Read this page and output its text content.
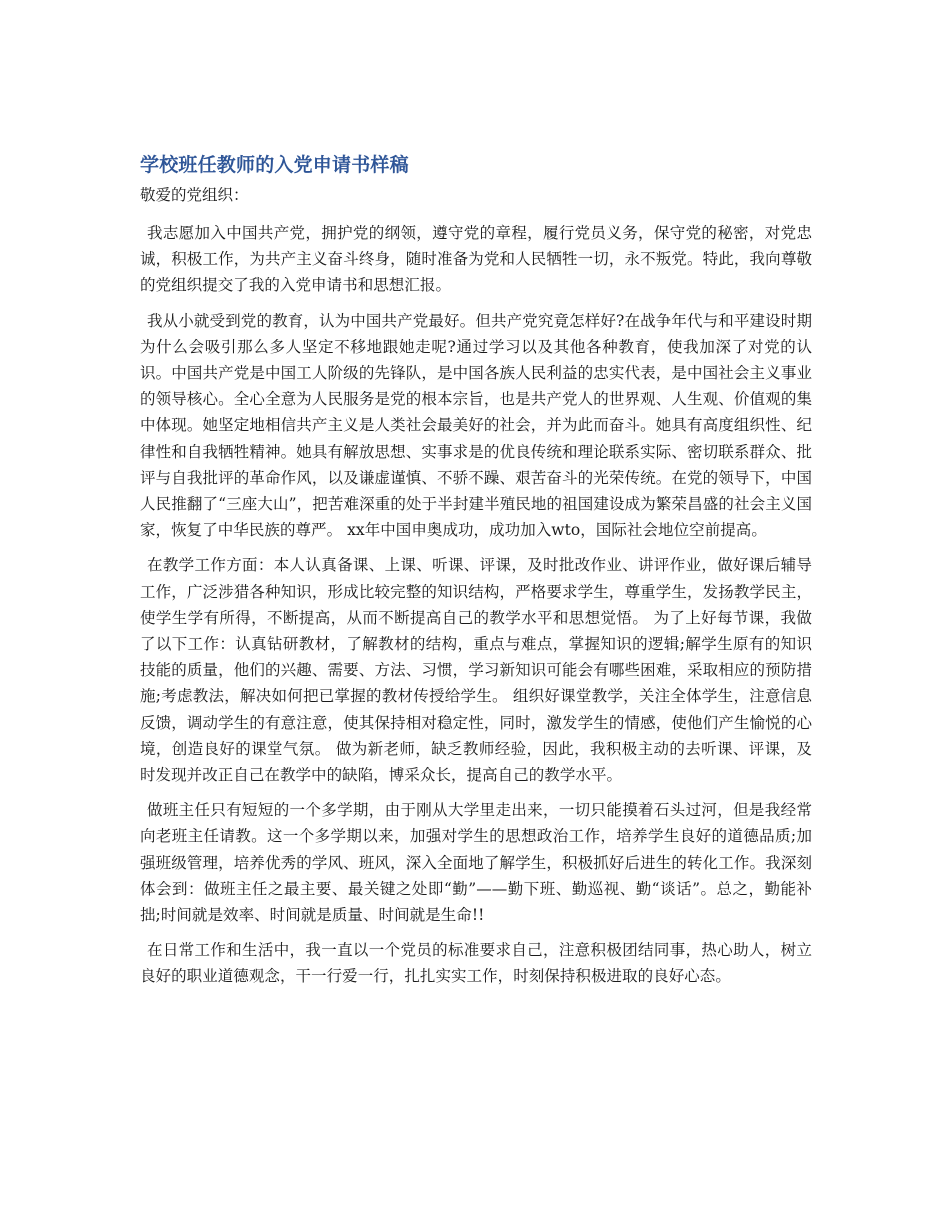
学校班任教师的入党申请书样稿

敬爱的党组织：

我志愿加入中国共产党，拥护党的纲领，遵守党的章程，履行党员义务，保守党的秘密，对党忠诚，积极工作，为共产主义奋斗终身，随时准备为党和人民牺牲一切，永不叛党。特此，我向尊敬的党组织提交了我的入党申请书和思想汇报。

我从小就受到党的教育，认为中国共产党最好。但共产党究竟怎样好?在战争年代与和平建设时期为什么会吸引那么多人坚定不移地跟她走呢?通过学习以及其他各种教育，使我加深了对党的认识。中国共产党是中国工人阶级的先锋队，是中国各族人民利益的忠实代表，是中国社会主义事业的领导核心。全心全意为人民服务是党的根本宗旨，也是共产党人的世界观、人生观、价值观的集中体现。她坚定地相信共产主义是人类社会最美好的社会，并为此而奋斗。她具有高度组织性、纪律性和自我牺牲精神。她具有解放思想、实事求是的优良传统和理论联系实际、密切联系群众、批评与自我批评的革命作风，以及谦虚谨慎、不骄不躁、艰苦奋斗的光荣传统。在党的领导下，中国人民推翻了“三座大山”，把苦难深重的处于半封建半殖民地的祖国建设成为繁荣昌盛的社会主义国家，恢复了中华民族的尊严。 xx年中国申奥成功，成功加入wto，国际社会地位空前提高。

在教学工作方面：本人认真备课、上课、听课、评课，及时批改作业、讲评作业，做好课后辅导工作，广泛涉猎各种知识，形成比较完整的知识结构，严格要求学生，尊重学生，发扬教学民主，使学生学有所得，不断提高，从而不断提高自己的教学水平和思想觉悟。 为了上好每节课，我做了以下工作：认真钻研教材，了解教材的结构，重点与难点，掌握知识的逻辑;解学生原有的知识技能的质量，他们的兴趣、需要、方法、习惯，学习新知识可能会有哪些困难，采取相应的预防措施;考虑教法，解决如何把已掌握的教材传授给学生。 组织好课堂教学，关注全体学生，注意信息反馈，调动学生的有意注意，使其保持相对稳定性，同时，激发学生的情感，使他们产生愉悦的心境，创造良好的课堂气氛。 做为新老师，缺乏教师经验，因此，我积极主动的去听课、评课，及时发现并改正自己在教学中的缺陷，博采众长，提高自己的教学水平。

做班主任只有短短的一个多学期，由于刚从大学里走出来，一切只能摸着石头过河，但是我经常向老班主任请教。这一个多学期以来，加强对学生的思想政治工作，培养学生良好的道德品质;加强班级管理，培养优秀的学风、班风，深入全面地了解学生，积极抓好后进生的转化工作。我深刻体会到：做班主任之最主要、最关键之处即“勤”——勤下班、勤巡视、勤“谈话”。总之，勤能补拙;时间就是效率、时间就是质量、时间就是生命!!

在日常工作和生活中，我一直以一个党员的标准要求自己，注意积极团结同事，热心助人，树立良好的职业道德观念，干一行爱一行，扎扎实实工作，时刻保持积极进取的良好心态。
